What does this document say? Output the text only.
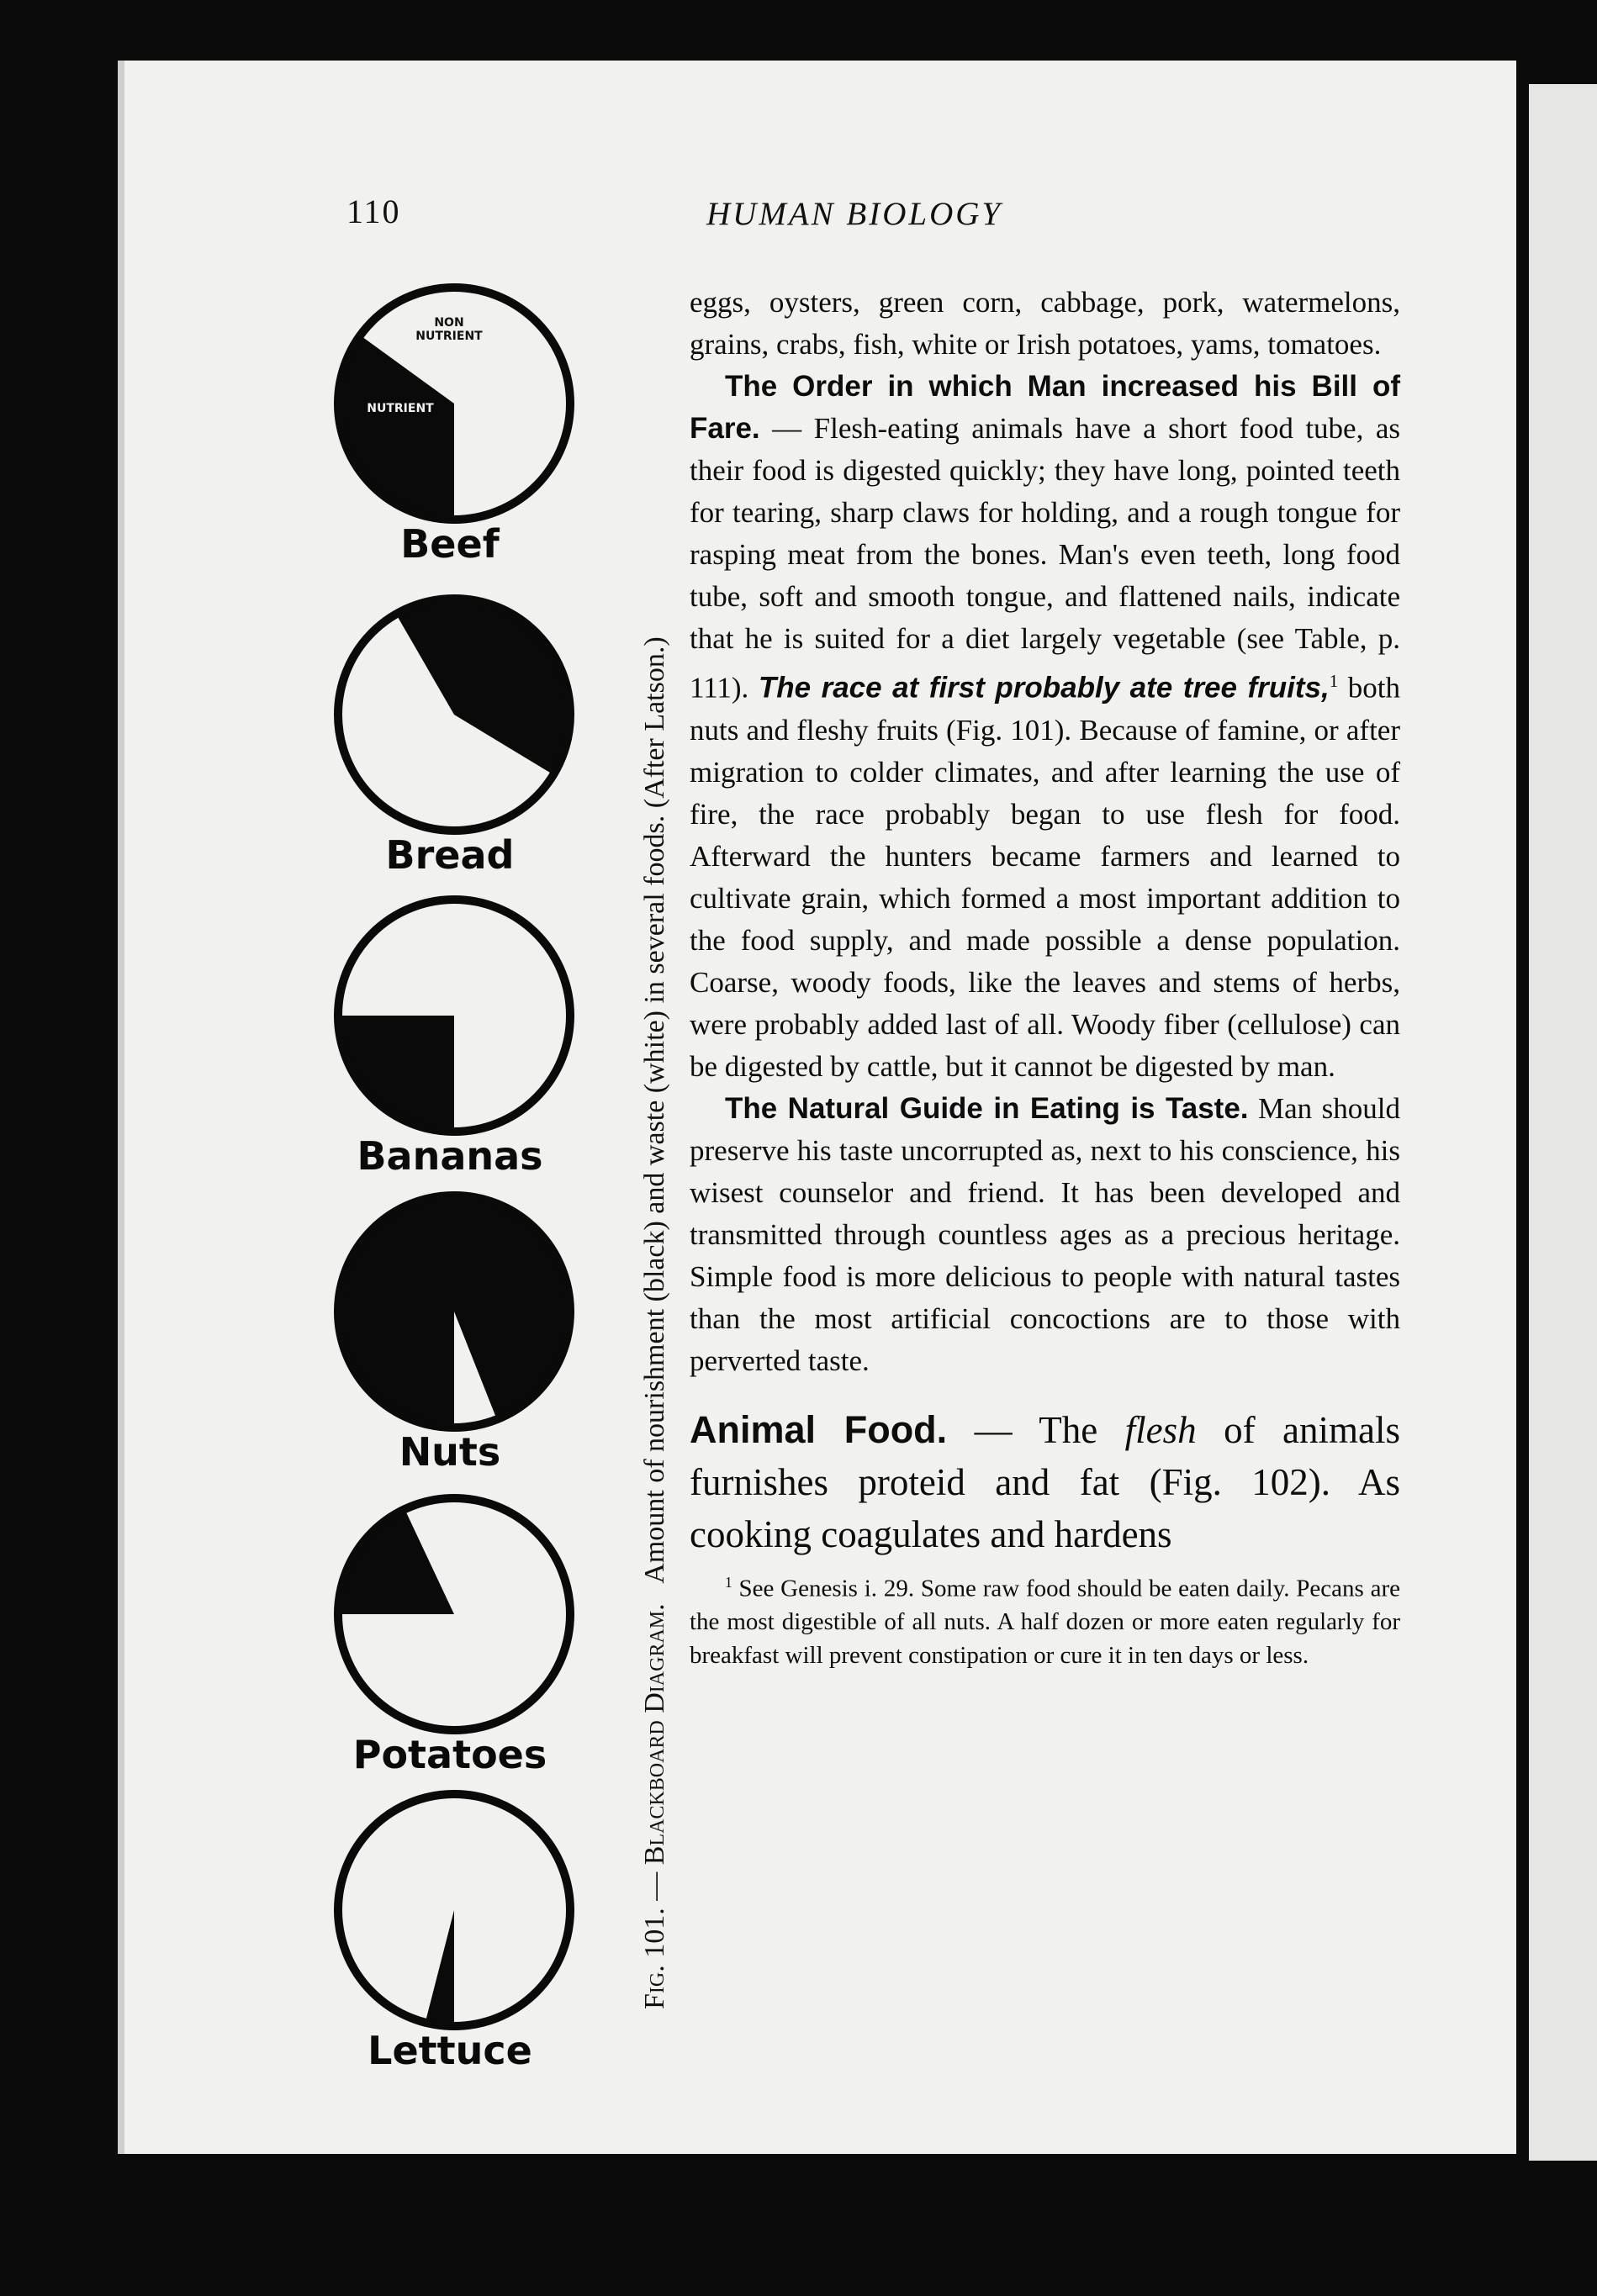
110	HUMAN BIOLOGY
NON
NUTRIENT
NUTRIENT
Beef
Bread
Bananas
Nuts
Potatoes
Lettuce
Fig. 101. — Blackboard Diagram.   Amount of nourishment (black) and waste (white) in several foods. (After Latson.)

eggs, oysters, green corn, cabbage, pork, watermelons, grains, crabs, fish, white or Irish potatoes, yams, tomatoes.

The Order in which Man increased his Bill of Fare. — Flesh-eating animals have a short food tube, as their food is digested quickly; they have long, pointed teeth for tearing, sharp claws for holding, and a rough tongue for rasping meat from the bones. Man's even teeth, long food tube, soft and smooth tongue, and flattened nails, indicate that he is suited for a diet largely vegetable (see Table, p. 111). The race at first probably ate tree fruits,$^1$ both nuts and fleshy fruits (Fig. 101). Because of famine, or after migration to colder climates, and after learning the use of fire, the race probably began to use flesh for food. Afterward the hunters became farmers and learned to cultivate grain, which formed a most important addition to the food supply, and made possible a dense population. Coarse, woody foods, like the leaves and stems of herbs, were probably added last of all. Woody fiber (cellulose) can be digested by cattle, but it cannot be digested by man.

The Natural Guide in Eating is Taste. Man should preserve his taste uncorrupted as, next to his conscience, his wisest counselor and friend. It has been developed and transmitted through countless ages as a precious heritage. Simple food is more delicious to people with natural tastes than the most artificial concoctions are to those with perverted taste.

Animal Food. — The flesh of animals furnishes proteid and fat (Fig. 102). As cooking coagulates and hardens

$^1$ See Genesis i. 29. Some raw food should be eaten daily. Pecans are the most digestible of all nuts. A half dozen or more eaten regularly for breakfast will prevent constipation or cure it in ten days or less.
